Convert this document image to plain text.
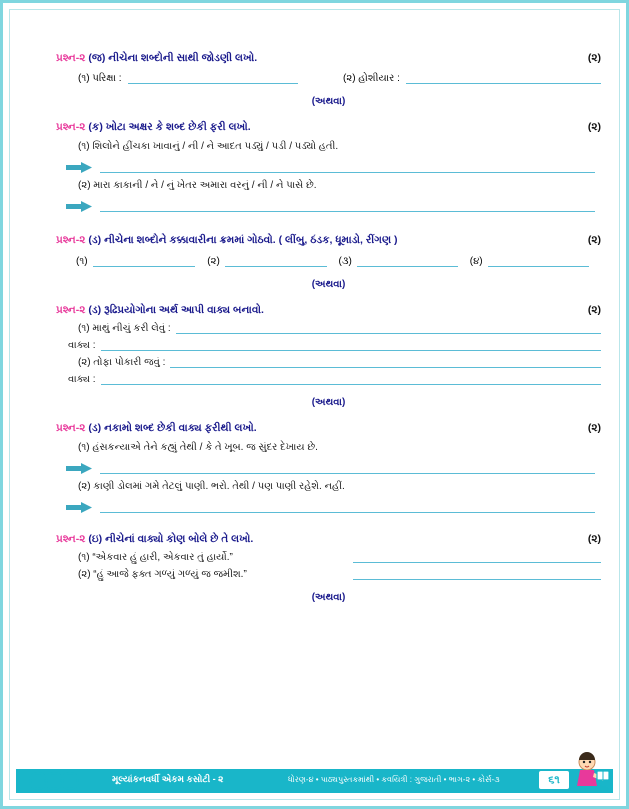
પ્રશ્ન-૨ (જ) નીચેના શબ્દોની સાથી જોડણી લખો.	(૨)
(૧) પરિક્ષા :	(૨) હોશીયાર :
(અથવા)
પ્રશ્ન-૨ (ક) ખોટા અક્ષર કે શબ્દ છેકી ફરી લખો.	(૨)
(૧) શિલોને હીંચકા ખાવાનું / ની / ને આદત પડ્યું / પડી / પડ્યો હતી.
(૨) મારા કાકાની / ને / નું ખેતર અમારા વરનું / ની / ને પાસે છે.
પ્રશ્ન-૨ (ડ) નીચેના શબ્દોને કક્કાવારીના ક્રમમાં ગોઠવો. ( લીંબુ, ઠંડક, ધૂમાડો, રીંગણ )	(૨)
(૧)	(૨)	(૩)	(૪)
(અથવા)
પ્રશ્ન-૨ (ડ) રૂઢિપ્રયોગોના અર્થ આપી વાક્ય બનાવો.	(૨)
(૧) માથું નીચું કરી લેવું :
વાક્ય :
(૨) તોફા પોકારી જવું :
વાક્ય :
(અથવા)
પ્રશ્ન-૨ (ડ) નકામો શબ્દ છેકી વાક્ય ફરીથી લખો.	(૨)
(૧) હંસકન્યાએ તેને કહ્યું તેથી / કે તે ખૂબ. જ સુંદર દેખાય છે.
(૨) કાણી ડોલમાં ગમે તેટલું પાણી. ભરો. તેથી / પણ પાણી રહેશે. નહીં.
પ્રશ્ન-૨ (ઇ) નીચેનાં વાક્યો કોણ બોલે છે તે લખો.	(૨)
(૧) “એકવાર હું હારી, એકવાર તું હાર્યો.”
(૨) “હું આજે ફક્ત ગળ્યું ગળ્યું જ જમીશ.”
(અથવા)
મૂલ્યાંકનવર્ધી એકમ કસોટી - ૨	ધોરણ-૪ • પાઠ્યપુસ્તકમાંથી • કવયિત્રી : ગુજરાતી • ભાગ-૨ • કોર્સ-૩	૬૧
